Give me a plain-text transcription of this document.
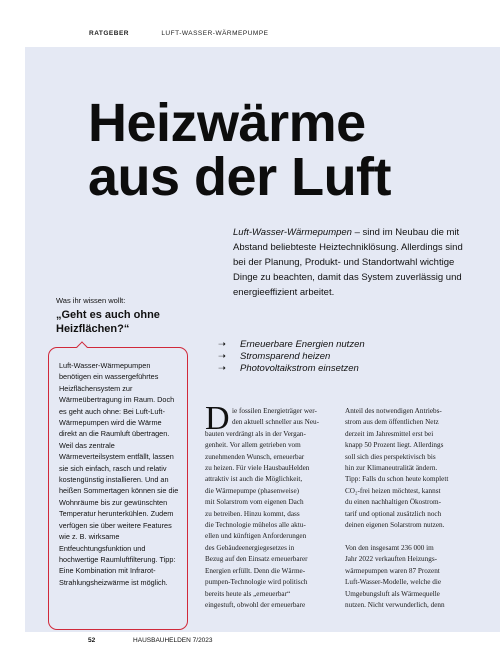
RATGEBER	LUFT-WASSER-WÄRMEPUMPE
Heizwärme
aus der Luft
Luft-Wasser-Wärmepumpen – sind im Neubau die mit Abstand beliebteste Heiztechniklösung. Allerdings sind bei der Planung, Produkt- und Standortwahl wichtige Dinge zu beachten, damit das System zuverlässig und energieeffizient arbeitet.
Was ihr wissen wollt:
„Geht es auch ohne Heizflächen?“
Luft-Wasser-Wärmepumpen benötigen ein wassergeführtes Heizflächensystem zur Wärmeübertragung im Raum. Doch es geht auch ohne: Bei Luft-Luft-Wärmepumpen wird die Wärme direkt an die Raumluft übertragen. Weil das zentrale Wärmeverteilsystem entfällt, lassen sie sich einfach, rasch und relativ kostengünstig installieren. Und an heißen Sommertagen können sie die Wohnräume bis zur gewünschten Temperatur herunterkühlen. Zudem verfügen sie über weitere Features wie z. B. wirksame Entfeuchtungsfunktion und hochwertige Raumluftfilterung. Tipp: Eine Kombination mit Infrarot-Strahlungsheizwärme ist möglich.
➝	Erneuerbare Energien nutzen
➝	Stromsparend heizen
➝	Photovoltaikstrom einsetzen
D ie fossilen Energieträger wer-
den aktuell schneller aus Neu-
bauten verdrängt als in der Vergan-
genheit. Vor allem getrieben vom
zunehmenden Wunsch, erneuerbar
zu heizen. Für viele HausbauHelden
attraktiv ist auch die Möglichkeit,
die Wärmepumpe (phasenweise)
mit Solarstrom vom eigenen Dach
zu betreiben. Hinzu kommt, dass
die Technologie mühelos alle aktu-
ellen und künftigen Anforderungen
des Gebäudeenergiegesetzes in
Bezug auf den Einsatz erneuerbarer
Energien erfüllt. Denn die Wärme-
pumpen-Technologie wird politisch
bereits heute als „erneuerbar“
eingestuft, obwohl der erneuerbare
Anteil des notwendigen Antriebs-
strom aus dem öffentlichen Netz
derzeit im Jahresmittel erst bei
knapp 50 Prozent liegt. Allerdings
soll sich dies perspektivisch bis
hin zur Klimaneutralität ändern.
Tipp: Falls du schon heute komplett
CO₂-frei heizen möchtest, kannst
du einen nachhaltigen Ökostrom-
tarif und optional zusätzlich noch
deinen eigenen Solarstrom nutzen.

Von den insgesamt 236 000 im
Jahr 2022 verkauften Heizungs-
wärmepumpen waren 87 Prozent
Luft-Wasser-Modelle, welche die
Umgebungsluft als Wärmequelle
nutzen. Nicht verwunderlich, denn
52	HAUSBAUHELDEN 7/2023
